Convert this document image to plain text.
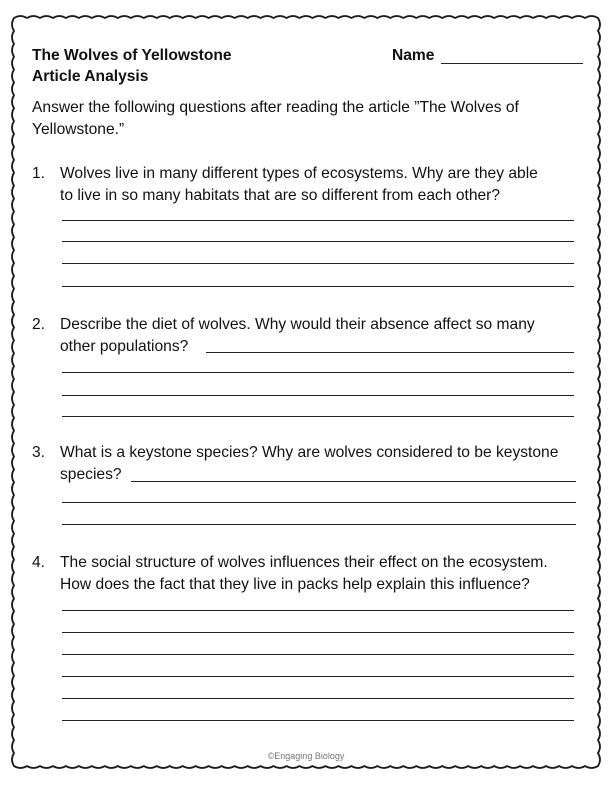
The Wolves of Yellowstone
Article Analysis
Name
Answer the following questions after reading the article ”The Wolves of
Yellowstone.”
1. Wolves live in many different types of ecosystems. Why are they able
to live in so many habitats that are so different from each other?
2. Describe the diet of wolves. Why would their absence affect so many
other populations?
3. What is a keystone species? Why are wolves considered to be keystone
species?
4. The social structure of wolves influences their effect on the ecosystem.
How does the fact that they live in packs help explain this influence?
©Engaging Biology
